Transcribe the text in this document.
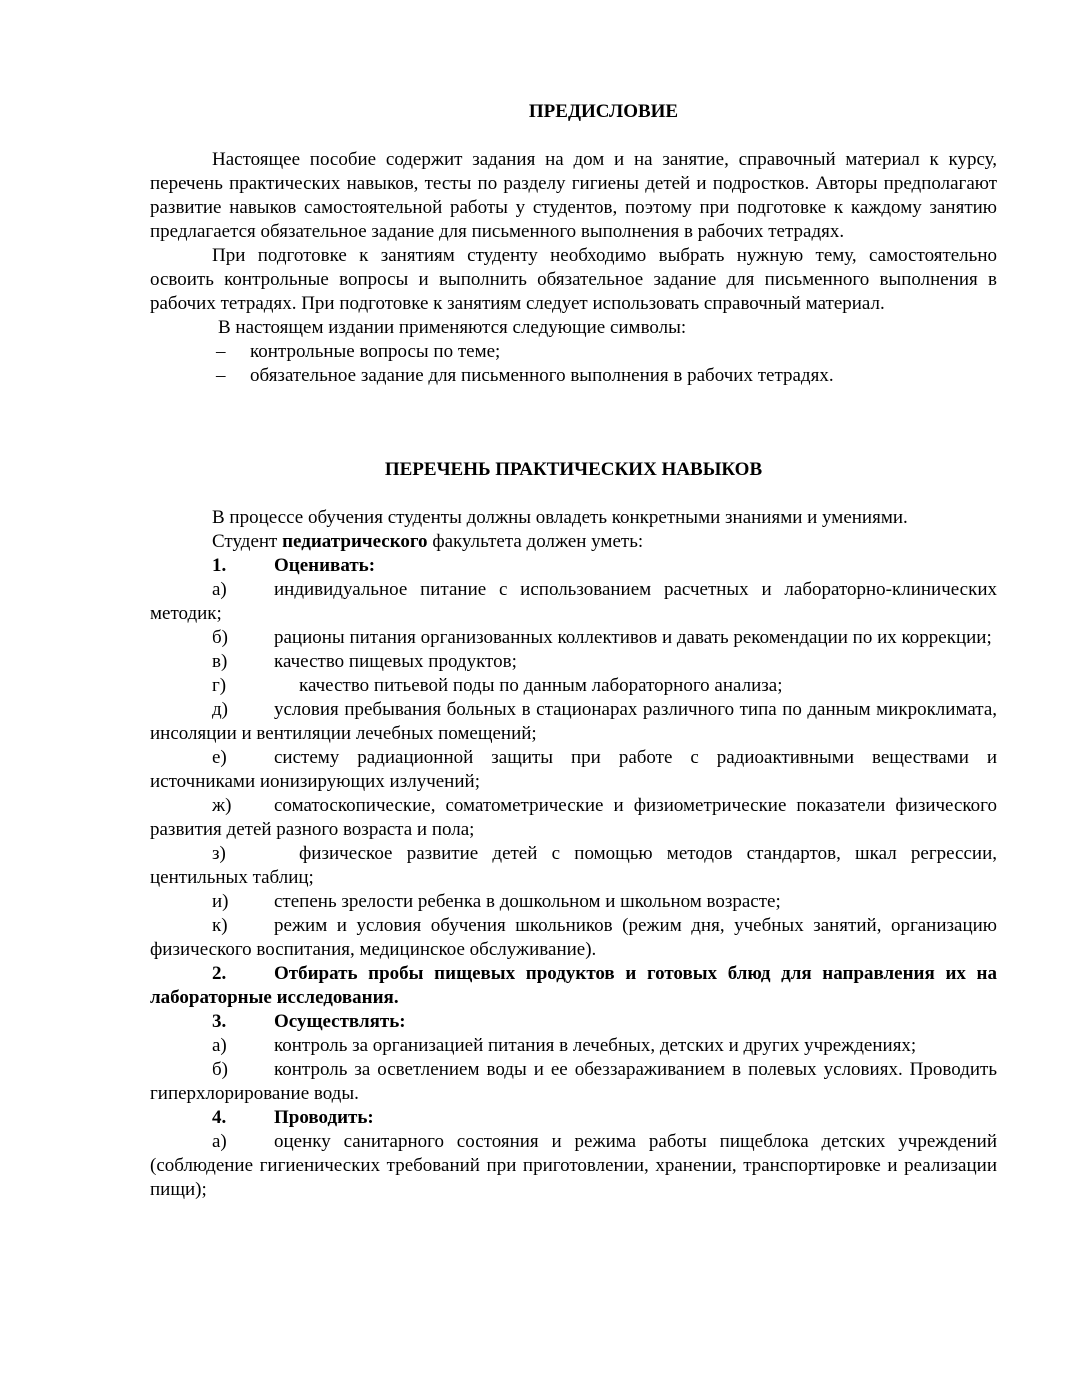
ПРЕДИСЛОВИЕ

Настоящее пособие содержит задания на дом и на занятие, справочный материал к курсу, перечень практических навыков, тесты по разделу гигиены детей и подростков. Авторы предполагают развитие навыков самостоятельной работы у студентов, поэтому при подготовке к каждому занятию предлагается обязательное задание для письменного выполнения в рабочих тетрадях.

При подготовке к занятиям студенту необходимо выбрать нужную тему, самостоятельно освоить контрольные вопросы и выполнить обязательное задание для письменного выполнения в рабочих тетрадях. При подготовке к занятиям следует использовать справочный материал.

В настоящем издании применяются следующие символы:

– контрольные вопросы по теме;

– обязательное задание для письменного выполнения в рабочих тетрадях.

ПЕРЕЧЕНЬ ПРАКТИЧЕСКИХ НАВЫКОВ

В процессе обучения студенты должны овладеть конкретными знаниями и умениями.

Студент педиатрического факультета должен уметь:

1.	Оценивать:

а) индивидуальное питание с использованием расчетных и лабораторно-клинических методик;

б) рационы питания организованных коллективов и давать рекомендации по их коррекции;

в) качество пищевых продуктов;

г)	качество питьевой поды по данным лабораторного анализа;

д) условия пребывания больных в стационарах различного типа по данным микроклимата, инсоляции и вентиляции лечебных помещений;

е) систему радиационной защиты при работе с радиоактивными веществами и источниками ионизирующих излучений;

ж) соматоскопические, соматометрические и физиометрические показатели физического развития детей разного возраста и пола;

з)	физическое развитие детей с помощью методов стандартов, шкал регрессии, центильных таблиц;

и) степень зрелости ребенка в дошкольном и школьном возрасте;

к) режим и условия обучения школьников (режим дня, учебных занятий, организацию физического воспитания, медицинское обслуживание).

2.	Отбирать пробы пищевых продуктов и готовых блюд для направления их на лабораторные исследования.

3.	Осуществлять:

а) контроль за организацией питания в лечебных, детских и других учреждениях;

б) контроль за осветлением воды и ее обеззараживанием в полевых условиях. Проводить гиперхлорирование воды.

4.	Проводить:

а) оценку санитарного состояния и режима работы пищеблока детских учреждений (соблюдение гигиенических требований при приготовлении, хранении, транспортировке и реализации пищи);
